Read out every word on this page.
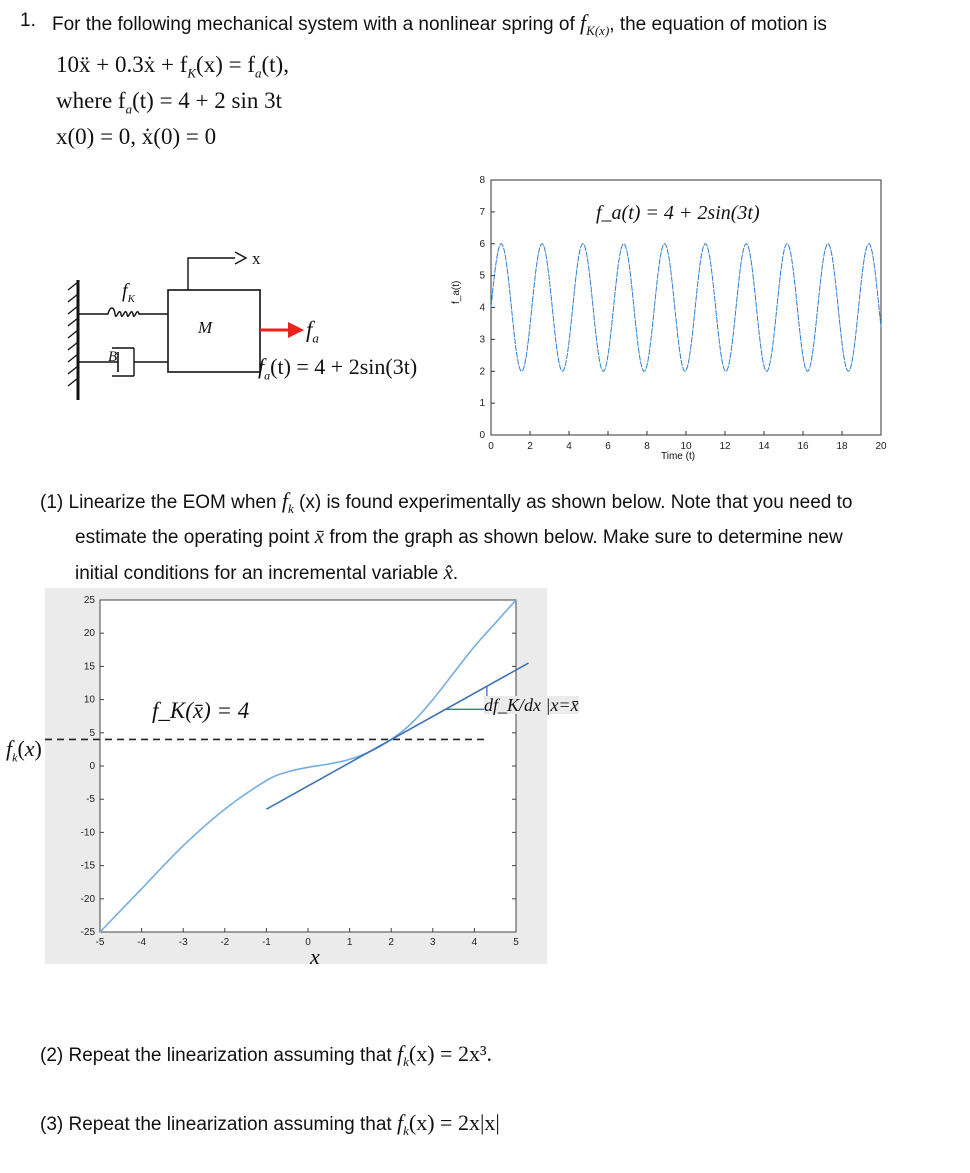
1. For the following mechanical system with a nonlinear spring of $f_{K(x)}$, the equation of motion is
10ẍ + 0.3ẋ + $f_K(x) = f_a(t)$,
where $f_a(t) = 4 + 2$ sin 3t
x(0) = 0, ẋ(0) = 0
$f_K$
M
B
x
$f_a$
$f_a(t) = 4 + 2\sin(3t)$
0	2	4	6	8	10	12	14	16	18	20
0
1
2
3
4
5
6
7
8
f_a(t) = 4 + 2sin(3t)
Time (t)
f_a(t)
(1) Linearize the EOM when $f_k$ (x) is found experimentally as shown below. Note that you need to
estimate the operating point x̄ from the graph as shown below. Make sure to determine new
initial conditions for an incremental variable x̂.
-5	-4	-3	-2	-1	0	1	2	3	4	5
25
20
15
10
5
0
-5
-10
-15
-20
-25
$f_k(x)$
x
f_K(x̄) = 4	df_K/dx |x=x̄
(2) Repeat the linearization assuming that $f_k(x) = 2x^3$.
(3) Repeat the linearization assuming that $f_k(x) = 2x|x|$
